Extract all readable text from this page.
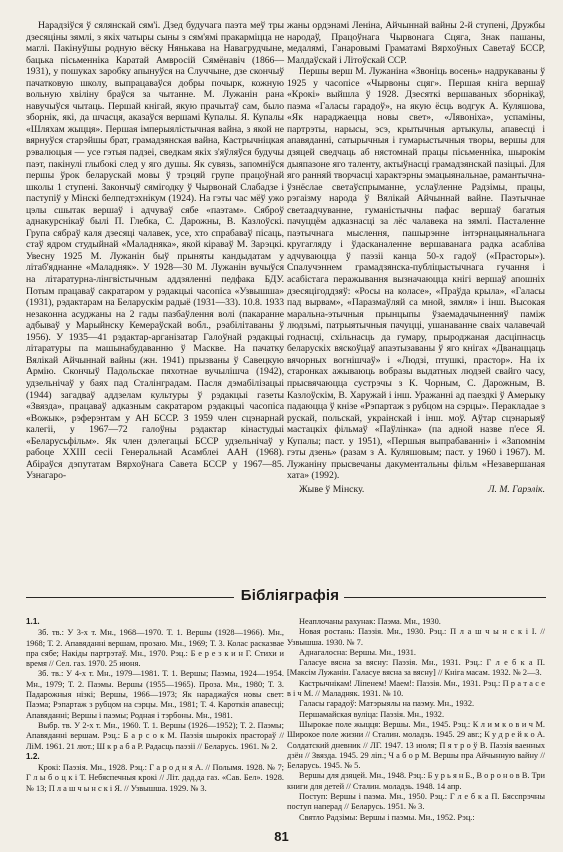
Нарадзіўся ў сялянскай сям'і. Дзед будучага паэта меў тры дзесяціны зямлі, з якіх чатыры сыны з сям'ямі пракарміцца не маглі. Пакінуўшы родную вёску Нянькава на Навагрудчыне, бацька пісьменніка Каратай Амвросій Сямёнавіч (1866—1931), у пошуках заробку апынуўся на Случчыне, дзе скончыў пачатковую школу, выпрацаваўся добры почырк, кожную вольную хвіліну браўся за чытанне. М. Лужанін рана навучыўся чытаць. Першай кнігай, якую прачытаў сам, было зборнік, які, да шчасця, аказаўся вершамі Купалы. Я. Купалы «Шляхам жыцця». Першая імперыялістычная вайна, з якой не вярнуўся старэйшы брат, грамадзянская вайна, Кастрычніцкая рэвалюцыя — усе гэтыя падзеі, сведкам якіх з'яўляўся будучы паэт, пакінулі глыбокі след у яго душы. Як сувязь, запомніўся першы ўрок беларускай мовы ў трэцяй групе працоўнай школы 1 ступені. Закончыў сямігодку ў Чырвонай Слабадзе і паступіў у Мінскі белпедтэхнікум (1924). На гэты час мёў ужо цэлы сшытак вершаў і адчуваў сябе «паэтам». Сяброў аднакурснікаў былі П. Глебка, С. Дарожны, В. Казлоўскі. Група сябраў каля дзесяці чалавек, усе, хто спрабаваў пісаць, стаў ядром студыйнай «Маладняка», якой кіраваў М. Зарэцкі. Увесну 1925 М. Лужанін быў прыняты кандыдатам у літаб'яднанне «Маладняк». У 1928—30 М. Лужанін вучыўся на літаратурна-лінгвістычным аддзяленні педфака БДУ. Потым працаваў сакратаром у рэдакцыі часопіса «Узвышша» (1931), рэдактарам на Беларускім радыё (1931—33). 10.8. 1933 незаконна асуджаны на 2 гады пазбаўлення волі (пакаранне адбываў у Марыйнску Кемераўскай вобл., рэабілітаваны ў 1956). У 1935—41 рэдактар-арганізатар Галоўнай рэдакцыі літаратуры па машынабудаванню ў Маскве. На пачатку Вялікай Айчыннай вайны (жн. 1941) прызваны ў Савецкую Армію. Скончыў Падольскае пяхотнае вучылішча (1942), удзельнічаў у баях пад Сталінградам. Пасля дэмабілізацыі (1944) загадваў аддзелам культуры ў рэдакцыі газеты «Звязда», працаваў адказным сакратаром рэдакцыі часопіса «Вожык», рэферэнтам у АН БССР. З 1959 член сцэнарнай калегіі, у 1967—72 галоўны рэдактар кінастудыі «Беларусьфільм». Як член дэлегацыі БССР удзельнічаў у рабоце XXIII сесіі Генеральнай Асамблеі ААН (1968). Абіраўся дэпутатам Вярхоўнага Савета БССР у 1967—85. Узнагаро-

жаны ордэнамі Леніна, Айчыннай вайны 2-й ступені, Дружбы народаў, Працоўнага Чырвонага Сцяга, Знак пашаны, медалямі, Ганаровымі Граматамі Вярхоўных Саветаў БССР, Малдаўскай і Літоўскай ССР.

Першы верш М. Лужаніна «Звоніць восень» надрукаваны ў 1925 у часопісе «Чырвоны сцяг». Першая кніга вершаў «Крокі» выйшла ў 1928. Дзесяткі вершаваных зборнікаў, паэма «Галасы гарадоў», на якую ёсць водгук А. Куляшова, «Як нараджаецца новы свет», «Лявоніха», успаміны, партрэты, нарысы, эсэ, крытычныя артыкулы, апавесці і апавяданні, сатырычныя і гумарыстычныя творы, вершы для дзяцей сведчаць аб нястомнай працы пісьменніка, шырокім дыяпазоне яго таленту, актыўнасці грамадзянскай пазіцыі. Для яго ранняй творчасці характэрны эмацыянальнае, рамантычна-ўзнёслае светаўспрыманне, услаўленне Радзімы, працы, рэгаізму народа ў Вялікай Айчыннай вайне. Паэтычнае светаадчуванне, гуманістычны пафас вершаў багатыя пачуццём адказнасці за лёс чалавека на зямлі. Пасталенне паэтычнага мыслення, пашырэнне інтэрнацыянальнага кругагляду і ўдасканаленне вершаванага радка асабліва адчуваюцца ў паэзіі канца 50-х гадоў («Прасторы»). Спалучэннем грамадзянска-публіцыстычнага гучання і асабістага перажывання вызначаюцца кнігі вершаў апошніх дзесяцігоддзяў: «Росы на коласе», «Праўда крыла», «Галасы пад вырвам», «Паразмаўляй са мной, зямля» і інш. Высокая маральна-этычныя прынцыпы ўзаемадачыненняў паміж людзьмі, патрыятычныя пачуцці, ушанаванне сваіх чалавечай годнасці, схільнасць да гумару, прыроджаная дасціпнасць беларускіх вяскоўцаў апаэтызаваны ў яго кнігах «Дванаццаць вячорных вогнішчаў» і «Людзі, птушкі, прастор». На іх старонках ажываюць вобразы выдатных людзей свайго часу, прысвячаюцца сустрэчы з К. Чорным, С. Дарожным, В. Казлоўскім, В. Харужай і інш. Уражанні ад паездкі ў Амерыку падаюцца ў кнізе «Рэпартаж з рубцом на сэрцы». Перакладае з рускай, польскай, украінскай і інш. моў. Аўтар сцэнарыяў мастацкіх фільмаў «Паўлінка» (па адной назве п'есе Я. Купалы; паст. у 1951), «Першыя выпрабаванні» і «Запомнім гэты дзень» (разам з А. Куляшовым; паст. у 1960 і 1967). М. Лужаніну прысвечаны дакументальны фільм «Незавершаная хата» (1992).

Жыве ў Мінску.	Л. М. Гарэлік.
Бібліяграфія
1.1.

Зб. тв.: У 3-х т. Мн., 1968—1970. Т. 1. Вершы (1928—1966). Мн., 1968; Т. 2. Апавяданні вершам, прозаю. Мн., 1969; Т. 3. Колас расказвае пра сябе; Накіды партрэтаў. Мн., 1970. Рэц.: Б е р е з к и н Г. Стихи и время // Сел. газ. 1970. 25 июня.

Зб. тв.: У 4-х т. Мн., 1979—1981. Т. 1. Вершы; Паэмы, 1924—1954. Мн., 1979; Т. 2. Паэмы. Вершы (1955—1965). Проза. Мн., 1980; Т. 3. Падарожныя нізкі; Вершы, 1966—1973; Як нараджаўся новы свет: Паэма; Рэпартаж з рубцом на сэрцы. Мн., 1981; Т. 4. Кароткія апавесці; Апавяданні; Вершы і паэмы; Родная і тэрбоны. Мн., 1981.

Выбр. тв. У 2-х т. Мн., 1960. Т. 1. Вершы (1926—1952); Т. 2. Паэмы; Апавяданні вершам. Рэц.: Б а р с о к М. Паэзія шырокіх прастораў // ЛіМ. 1961. 21 лют.; Ш к р а б а Р. Радасць паэзіі // Беларусь. 1961. № 2.

1.2.

Крокі: Паэзія. Мн., 1928. Рэц.: Г а р о д н я А. // Полымя. 1928. № 7; Г л ы б о ц к і Т. Небяспечныя крокі // Літ. дад.да газ. «Сав. Бел». 1928. № 13; П л а ш ч ы н с к і Я. // Узвышша. 1929. № 3.

Неаплочаны рахунак: Паэма. Мн., 1930.

Новая ростань: Паэзія. Мн., 1930. Рэц.: П л а ш ч ы н с к і І. // Узвышша. 1930. № 7.

Аднагалосна: Вершы. Мн., 1931.

Галасуе вясна за вясну: Паэзія. Мн., 1931. Рэц.: Г л е б к а П. [Максім Лужанін. Галасуе вясна за вясну] // Кніга масам. 1932. № 2—3.

Кастрычнікам! Ліпенем! Маем!: Паэзія. Мн., 1931. Рэц.: П р а т а с е в і ч М. // Маладняк. 1931. № 10.

Галасы гарадоў: Матэрыялы на паэму. Мн., 1932.

Першамайская вуліца: Паэзія. Мн., 1932.

Шырокае поле жыцця: Вершы. Мн., 1945. Рэц.: К л и м к о в и ч М. Широкое поле жизни // Сталин. моладзь. 1945. 29 авг.; К у д р е й к о А. Солдатский дневник // ЛГ. 1947. 13 июля; П я т р о ў В. Паэзія ваенных дзён // Звязда. 1945. 29 ліп.; Ч а б о р М. Вершы пра Айчынную вайну // Беларусь. 1945. № 5.

Вершы для дзяцей. Мн., 1948. Рэц.: Б у р ь я н Б., В о р о н о в В. Три книги для детей // Сталин. моладзь. 1948. 14 апр.

Поступ: Вершы і паэма. Мн., 1950. Рэц.: Г л е б к а П. Бясспрэчны поступ наперад // Беларусь. 1951. № 3.

Святло Радзімы: Вершы і паэмы. Мн., 1952. Рэц.:

81
